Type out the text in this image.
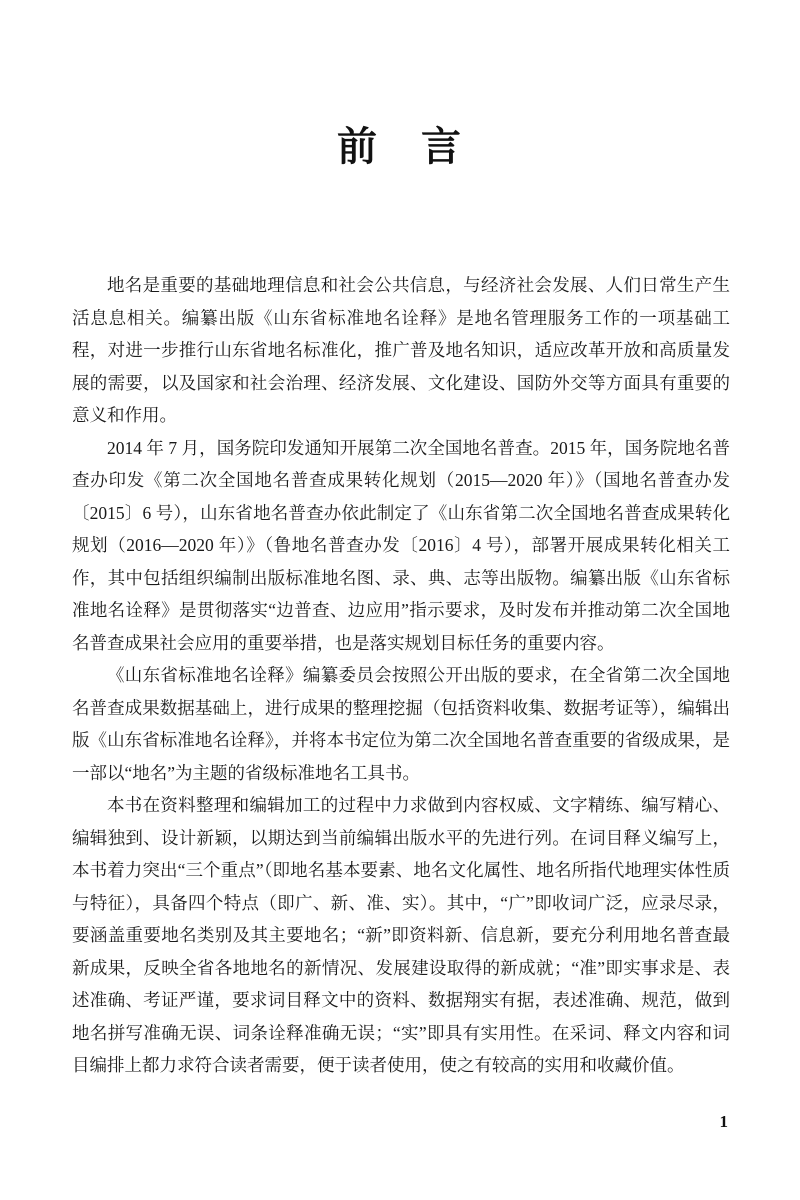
前　言

地名是重要的基础地理信息和社会公共信息，与经济社会发展、人们日常生产生活息息相关。编纂出版《山东省标准地名诠释》是地名管理服务工作的一项基础工程，对进一步推行山东省地名标准化，推广普及地名知识，适应改革开放和高质量发展的需要，以及国家和社会治理、经济发展、文化建设、国防外交等方面具有重要的意义和作用。

2014 年 7 月，国务院印发通知开展第二次全国地名普查。2015 年，国务院地名普查办印发《第二次全国地名普查成果转化规划（2015—2020 年）》（国地名普查办发〔2015〕6 号），山东省地名普查办依此制定了《山东省第二次全国地名普查成果转化规划（2016—2020 年）》（鲁地名普查办发〔2016〕4 号），部署开展成果转化相关工作，其中包括组织编制出版标准地名图、录、典、志等出版物。编纂出版《山东省标准地名诠释》是贯彻落实“边普查、边应用”指示要求，及时发布并推动第二次全国地名普查成果社会应用的重要举措，也是落实规划目标任务的重要内容。

《山东省标准地名诠释》编纂委员会按照公开出版的要求，在全省第二次全国地名普查成果数据基础上，进行成果的整理挖掘（包括资料收集、数据考证等），编辑出版《山东省标准地名诠释》，并将本书定位为第二次全国地名普查重要的省级成果，是一部以“地名”为主题的省级标准地名工具书。

本书在资料整理和编辑加工的过程中力求做到内容权威、文字精练、编写精心、编辑独到、设计新颖，以期达到当前编辑出版水平的先进行列。在词目释义编写上，本书着力突出“三个重点”（即地名基本要素、地名文化属性、地名所指代地理实体性质与特征），具备四个特点（即广、新、准、实）。其中，“广”即收词广泛，应录尽录，要涵盖重要地名类别及其主要地名；“新”即资料新、信息新，要充分利用地名普查最新成果，反映全省各地地名的新情况、发展建设取得的新成就；“准”即实事求是、表述准确、考证严谨，要求词目释文中的资料、数据翔实有据，表述准确、规范，做到地名拼写准确无误、词条诠释准确无误；“实”即具有实用性。在采词、释文内容和词目编排上都力求符合读者需要，便于读者使用，使之有较高的实用和收藏价值。

1
